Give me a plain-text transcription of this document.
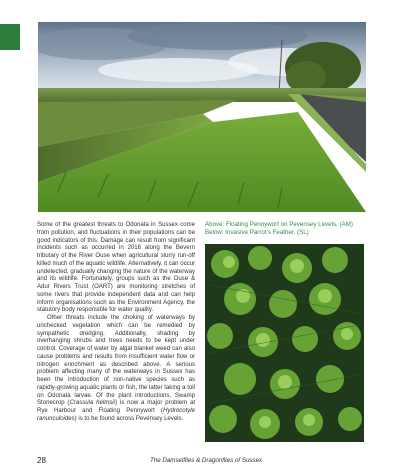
Above: Floating Pennywort on Pevensey Levels. (AM)
Below: Invasive Parrot’s Feather. (SL)

Some of the greatest threats to Odonata in Sussex come from pollution, and fluctuations in their populations can be good indicators of this. Damage can result from significant incidents such as occurred in 2016 along the Bevern tributary of the River Ouse when agricultural slurry run-off killed much of the aquatic wildlife. Alternatively, it can occur undetected, gradually changing the nature of the waterway and its wildlife. Fortunately, groups such as the Ouse & Adur Rivers Trust (OART) are monitoring stretches of some rivers that provide independent data and can help inform organisations such as the Environment Agency, the statutory body responsible for water quality.

Other threats include the choking of waterways by unchecked vegetation which can be remedied by sympathetic dredging. Additionally, shading by overhanging shrubs and trees needs to be kept under control. Coverage of water by algal blanket weed can also cause problems and results from insufficient water flow or nitrogen enrichment as described above. A serious problem affecting many of the waterways in Sussex has been the introduction of non-native species such as rapidly-growing aquatic plants or fish, the latter taking a toll on Odonata larvae. Of the plant introductions, Swamp Stonecrop (Crassula helmsii) is now a major problem at Rye Harbour and Floating Pennywort (Hydrocotyle ranunculoides) is to be found across Pevensey Levels.

28	The Damselflies & Dragonflies of Sussex
